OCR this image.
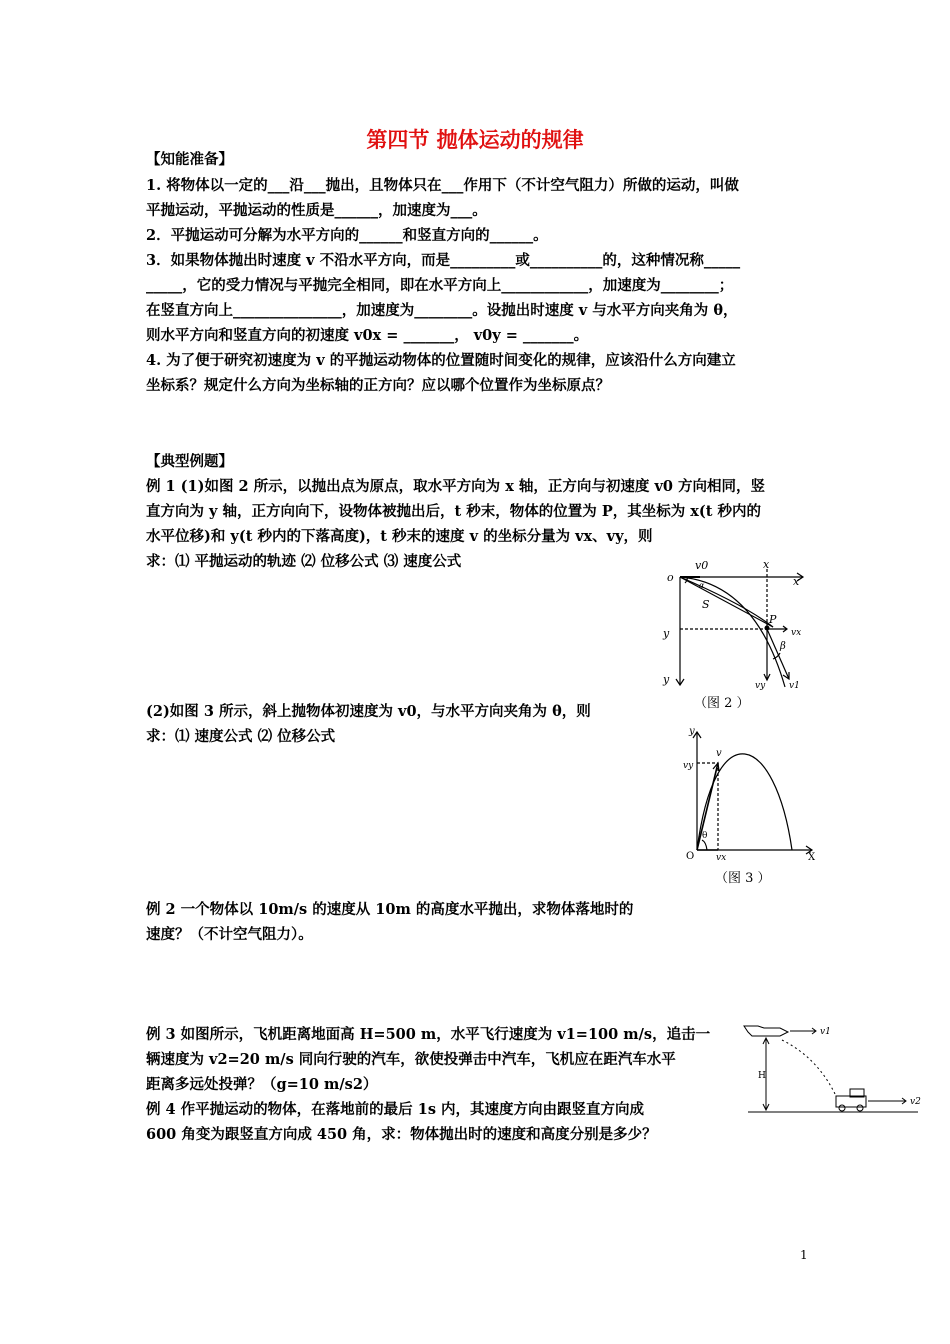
第四节 抛体运动的规律
【知能准备】
1. 将物体以一定的___沿___抛出，且物体只在___作用下（不计空气阻力）所做的运动，叫做
平抛运动，平抛运动的性质是______，加速度为___。
2．平抛运动可分解为水平方向的______和竖直方向的______。
3．如果物体抛出时速度 v 不沿水平方向，而是_________或__________的，这种情况称_____
_____，它的受力情况与平抛完全相同，即在水平方向上____________，加速度为________；
在竖直方向上_______________，加速度为________。设抛出时速度 v 与水平方向夹角为 θ，
则水平方向和竖直方向的初速度 v0x = _______， v0y = _______。
4. 为了便于研究初速度为 v 的平抛运动物体的位置随时间变化的规律，应该沿什么方向建立
坐标系？规定什么方向为坐标轴的正方向？应以哪个位置作为坐标原点？
【典型例题】
例 1 (1)如图 2 所示，以抛出点为原点，取水平方向为 x 轴，正方向与初速度 v0 方向相同，竖
直方向为 y 轴，正方向向下，设物体被抛出后，t 秒末，物体的位置为 P，其坐标为 x(t 秒内的
水平位移)和 y(t 秒内的下落高度)，t 秒末的速度 v 的坐标分量为 vx、vy，则
求：⑴ 平抛运动的轨迹 ⑵ 位移公式 ⑶ 速度公式
(2)如图 3 所示，斜上抛物体初速度为 v0，与水平方向夹角为 θ，则
求：⑴ 速度公式 ⑵ 位移公式
例 2 一个物体以 10m/s 的速度从 10m 的高度水平抛出，求物体落地时的
速度？（不计空气阻力）。
例 3 如图所示，飞机距离地面高 H=500 m，水平飞行速度为 v1=100 m/s，追击一
辆速度为 v2=20 m/s 同向行驶的汽车，欲使投弹击中汽车，飞机应在距汽车水平
距离多远处投弹？（g=10 m/s2）
例 4 作平抛运动的物体，在落地前的最后 1s 内，其速度方向由跟竖直方向成
600 角变为跟竖直方向成 450 角，求：物体抛出时的速度和高度分别是多少？
o
v0	x
x
α
S
P
vx
y
β
y	vy	v1
（图 2 ）
y
v
vy
θ
O vx	X
（图 3 ）
v1
H
v2
1
